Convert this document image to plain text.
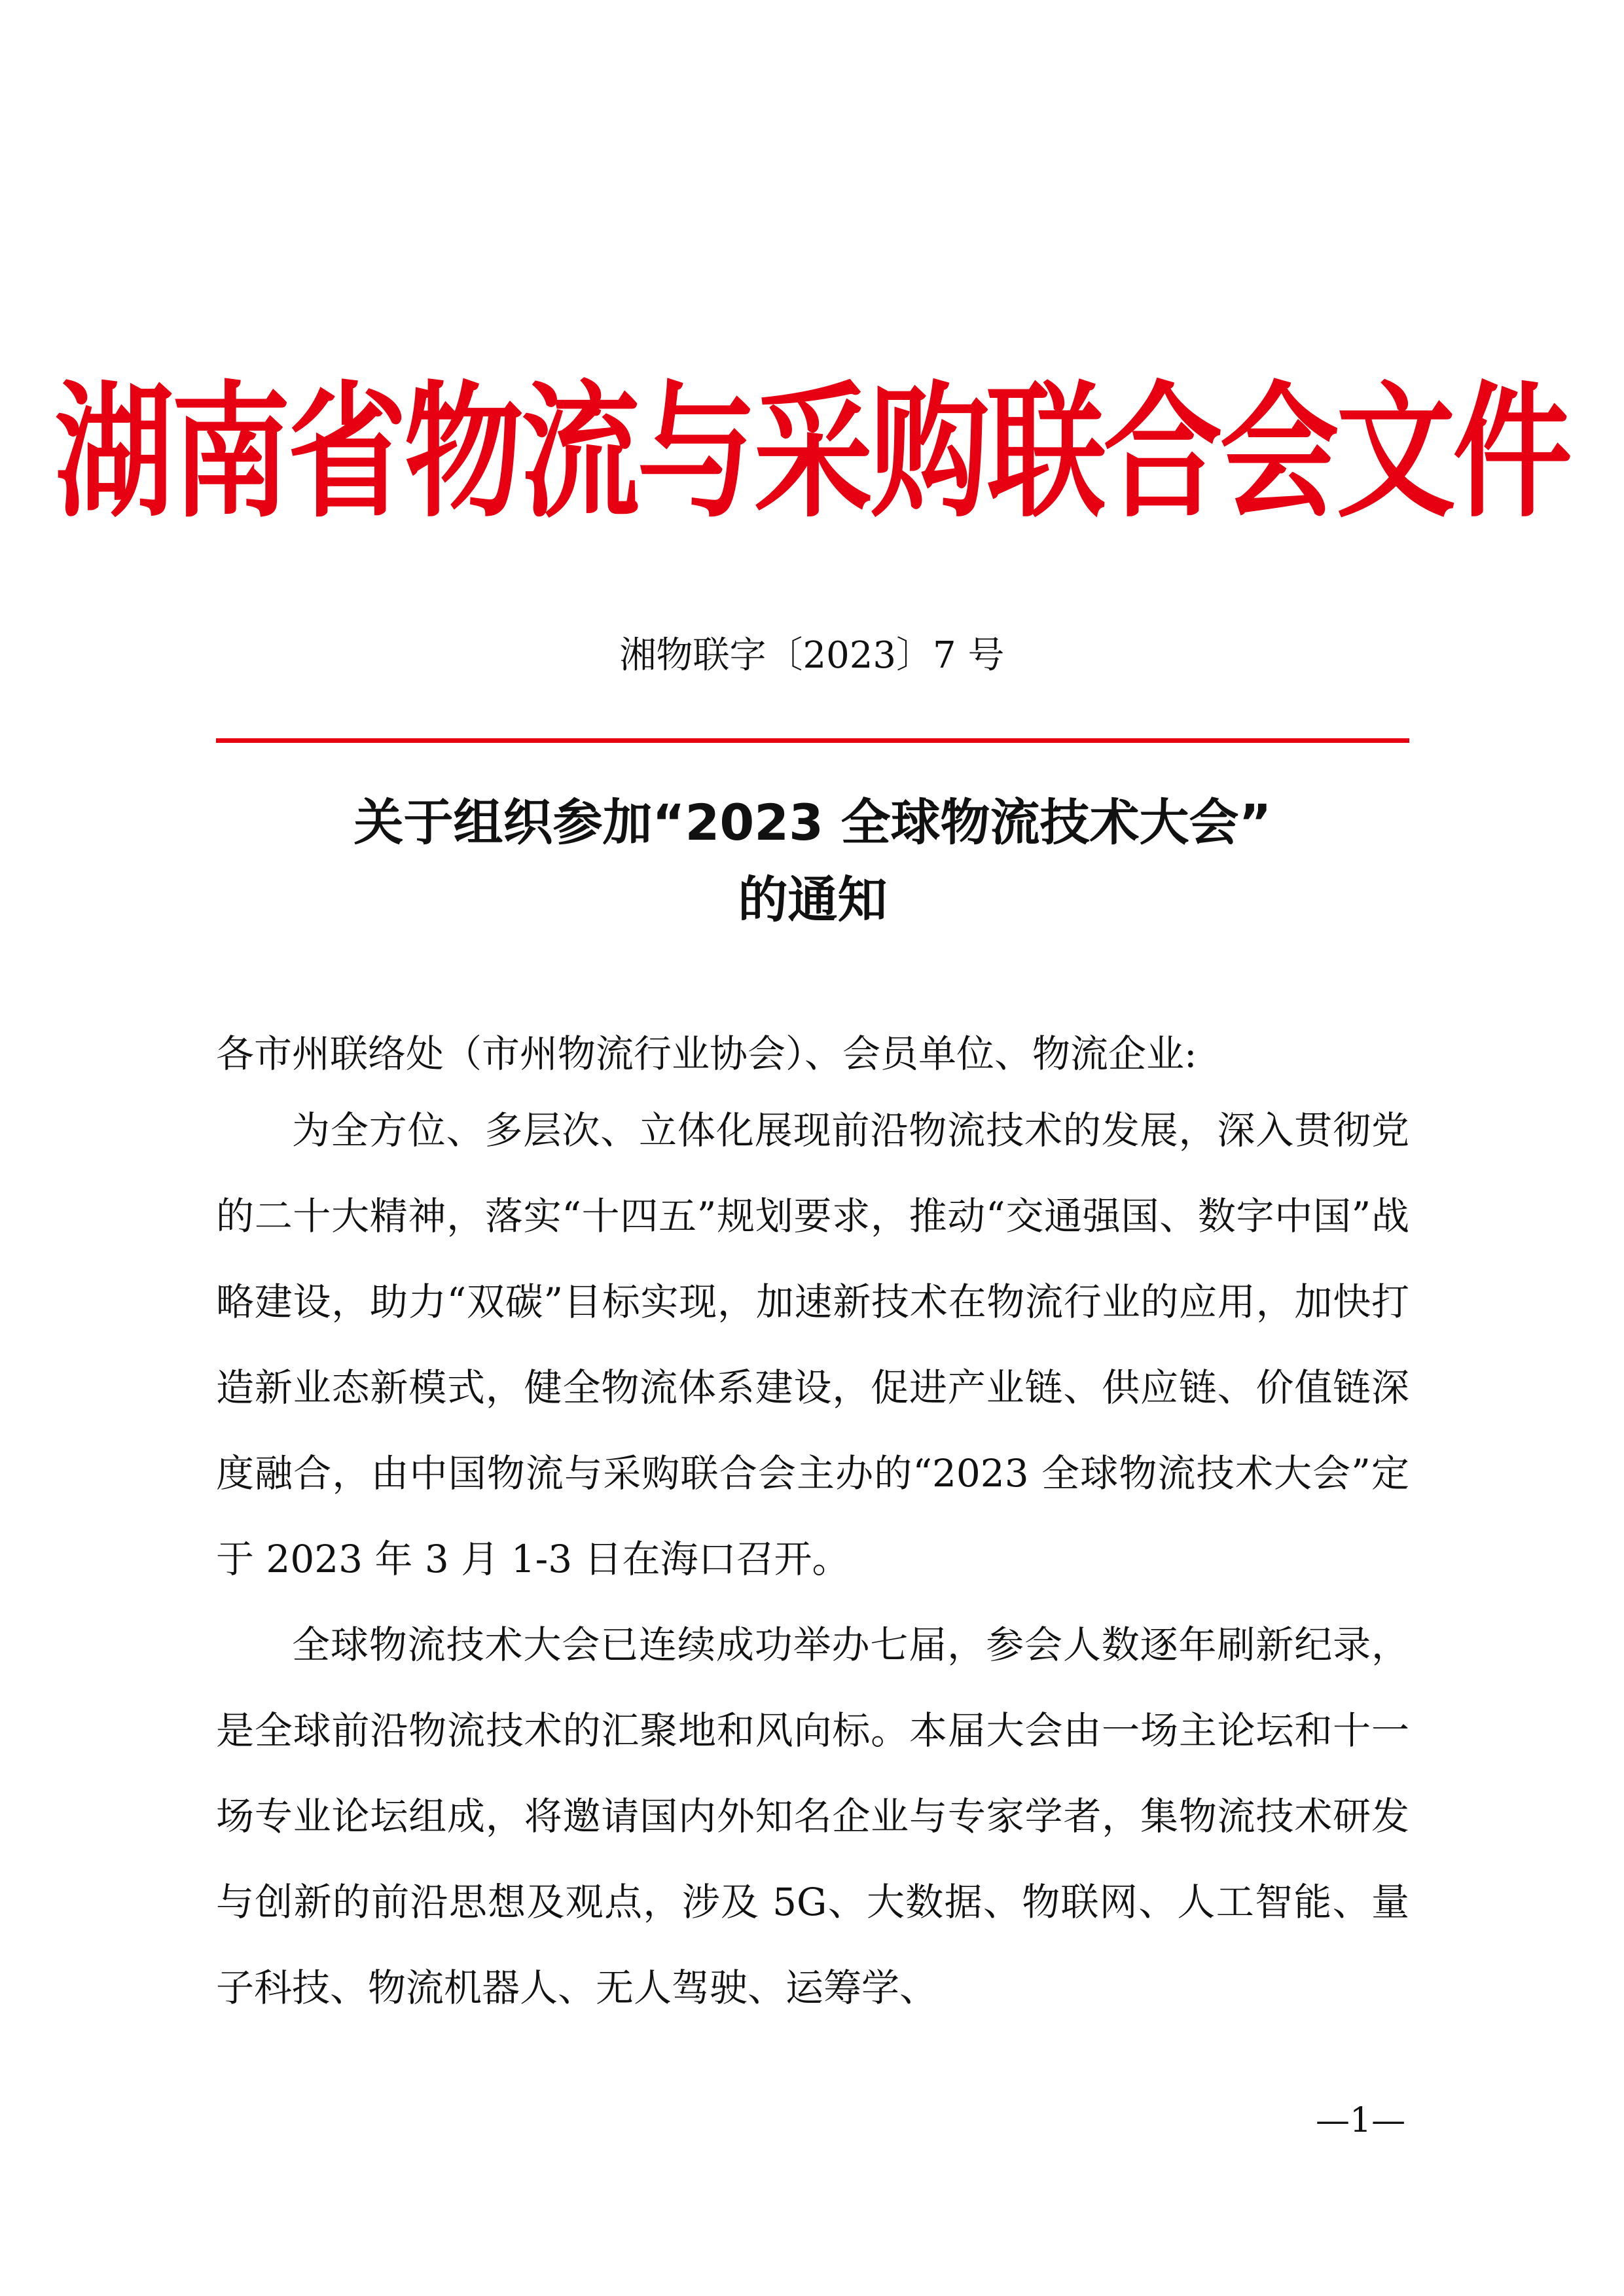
湖南省物流与采购联合会文件
湘物联字〔2023〕7 号
关于组织参加“2023 全球物流技术大会”
的通知
各市州联络处（市州物流行业协会）、会员单位、物流企业:

为全方位、多层次、立体化展现前沿物流技术的发展，深入贯彻党的二十大精神，落实“十四五”规划要求，推动“交通强国、数字中国”战略建设，助力“双碳”目标实现，加速新技术在物流行业的应用，加快打造新业态新模式，健全物流体系建设，促进产业链、供应链、价值链深度融合，由中国物流与采购联合会主办的“2023 全球物流技术大会”定于 2023 年 3 月 1-3 日在海口召开。

全球物流技术大会已连续成功举办七届，参会人数逐年刷新纪录，是全球前沿物流技术的汇聚地和风向标。本届大会由一场主论坛和十一场专业论坛组成，将邀请国内外知名企业与专家学者，集物流技术研发与创新的前沿思想及观点，涉及 5G、大数据、物联网、人工智能、量子科技、物流机器人、无人驾驶、运筹学、

—1—
